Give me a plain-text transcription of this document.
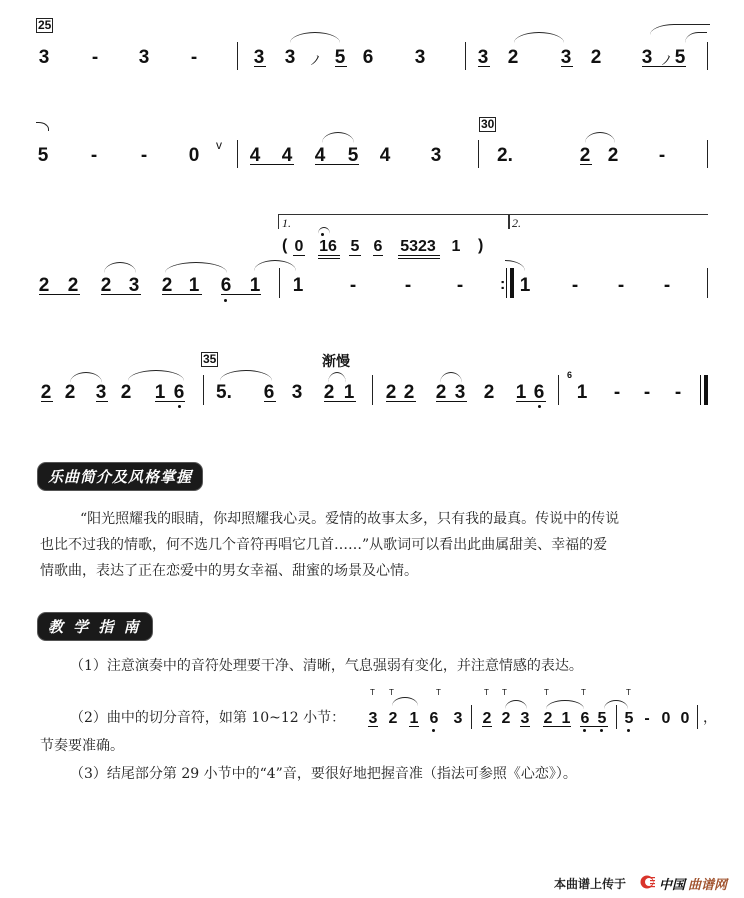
25
3 - 3 -	3 3 ノ 5 6 3	3 2 3 2 3 ノ 5
5 - - 0 v 4 4 4 5 4 3
30
2.	2 2 -
1.	2.
( 0 16 5 6 5323 1 )
2 2 2 3 2 1 6 1 1 -	- - : 1 - - -
35	渐慢
2 2 3 2 1 6 5. 6 3 2 1 2 2 2 3 2 1 6
6
1 - - -
乐曲简介及风格掌握
“阳光照耀我的眼睛，你却照耀我心灵。爱情的故事太多，只有我的最真。传说中的传说
也比不过我的情歌，何不选几个音符再唱它几首……”从歌词可以看出此曲属甜美、幸福的爱
情歌曲，表达了正在恋爱中的男女幸福、甜蜜的场景及心情。
教 学 指 南
（1）注意演奏中的音符处理要干净、清晰，气息强弱有变化，并注意情感的表达。
（2）曲中的切分音符，如第 10~12 小节：
T T	T	T T	T	T	T
3 2 1 6 3 2 2 3 2 1 6 5 5 - 0 0 ，
节奏要准确。
（3）结尾部分第 29 小节中的“4”音，要很好地把握音准（指法可参照《心恋》）。
本曲谱上传于	中国 曲谱网
